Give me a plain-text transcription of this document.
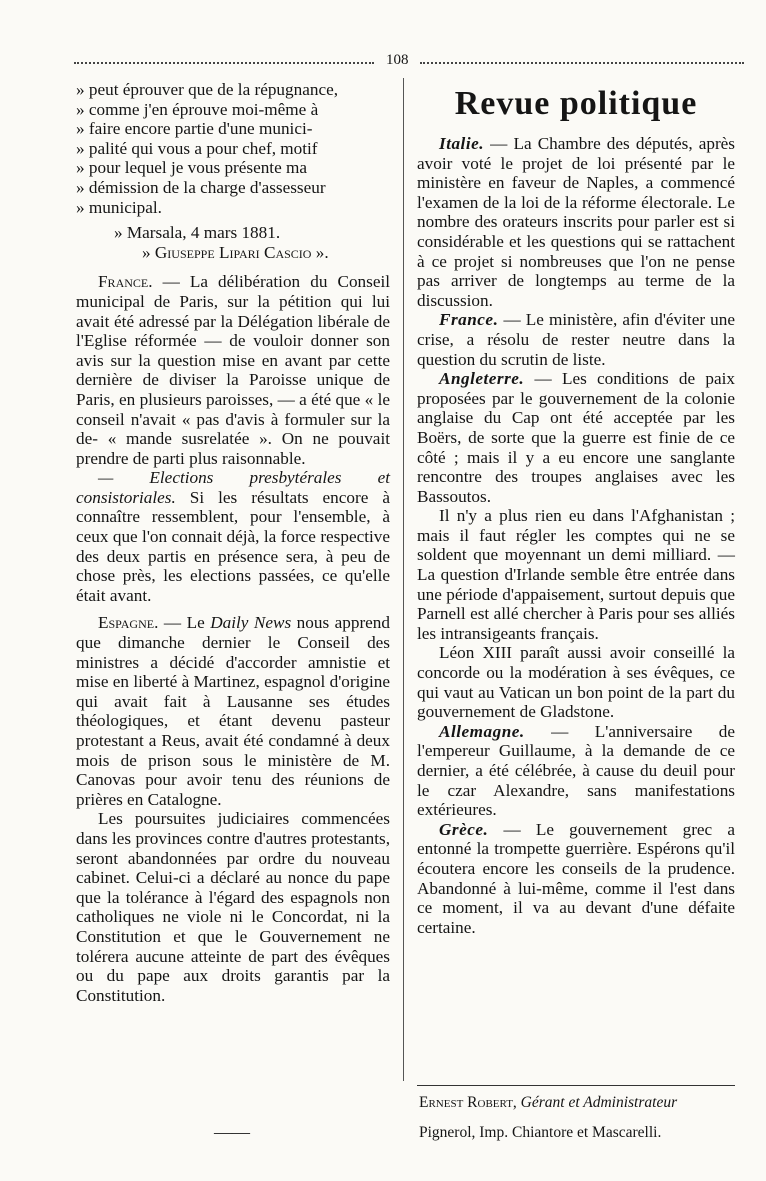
108

» peut éprouver que de la répugnance,

» comme j'en éprouve moi-même à

» faire encore partie d'une munici-

» palité qui vous a pour chef, motif

» pour lequel je vous présente ma

» démission de la charge d'assesseur

» municipal.

» Marsala, 4 mars 1881.

» Giuseppe Lipari Cascio ».

France. — La délibération du Conseil municipal de Paris, sur la pétition qui lui avait été adressé par la Délégation libérale de l'Eglise réformée — de vouloir donner son avis sur la question mise en avant par cette dernière de diviser la Paroisse unique de Paris, en plusieurs paroisses, — a été que « le conseil n'avait « pas d'avis à formuler sur la de- « mande susrelatée ». On ne pouvait prendre de parti plus raisonnable.

— Elections presbytérales et consistoriales. Si les résultats encore à connaître ressemblent, pour l'ensemble, à ceux que l'on connait déjà, la force respective des deux partis en présence sera, à peu de chose près, les elections passées, ce qu'elle était avant.

Espagne. — Le Daily News nous apprend que dimanche dernier le Conseil des ministres a décidé d'accorder amnistie et mise en liberté à Martinez, espagnol d'origine qui avait fait à Lausanne ses études théologiques, et étant devenu pasteur protestant a Reus, avait été condamné à deux mois de prison sous le ministère de M. Canovas pour avoir tenu des réunions de prières en Catalogne.

Les poursuites judiciaires commencées dans les provinces contre d'autres protestants, seront abandonnées par ordre du nouveau cabinet. Celui-ci a déclaré au nonce du pape que la tolérance à l'égard des espagnols non catholiques ne viole ni le Concordat, ni la Constitution et que le Gouvernement ne tolérera aucune atteinte de part des évêques ou du pape aux droits garantis par la Constitution.

——
Revue politique

Italie. — La Chambre des députés, après avoir voté le projet de loi présenté par le ministère en faveur de Naples, a commencé l'examen de la loi de la réforme électorale. Le nombre des orateurs inscrits pour parler est si considérable et les questions qui se rattachent à ce projet si nombreuses que l'on ne pense pas arriver de longtemps au terme de la discussion.

France. — Le ministère, afin d'éviter une crise, a résolu de rester neutre dans la question du scrutin de liste.

Angleterre. — Les conditions de paix proposées par le gouvernement de la colonie anglaise du Cap ont été acceptée par les Boërs, de sorte que la guerre est finie de ce côté ; mais il y a eu encore une sanglante rencontre des troupes anglaises avec les Bassoutos.

Il n'y a plus rien eu dans l'Afghanistan ; mais il faut régler les comptes qui ne se soldent que moyennant un demi milliard. — La question d'Irlande semble être entrée dans une période d'appaisement, surtout depuis que Parnell est allé chercher à Paris pour ses alliés les intransigeants français.

Léon XIII paraît aussi avoir conseillé la concorde ou la modération à ses évêques, ce qui vaut au Vatican un bon point de la part du gouvernement de Gladstone.

Allemagne. — L'anniversaire de l'empereur Guillaume, à la demande de ce dernier, a été célébrée, à cause du deuil pour le czar Alexandre, sans manifestations extérieures.

Grèce. — Le gouvernement grec a entonné la trompette guerrière. Espérons qu'il écoutera encore les conseils de la prudence. Abandonné à lui-même, comme il l'est dans ce moment, il va au devant d'une défaite certaine.

Ernest Robert, Gérant et Administrateur
Pignerol, Imp. Chiantore et Mascarelli.
